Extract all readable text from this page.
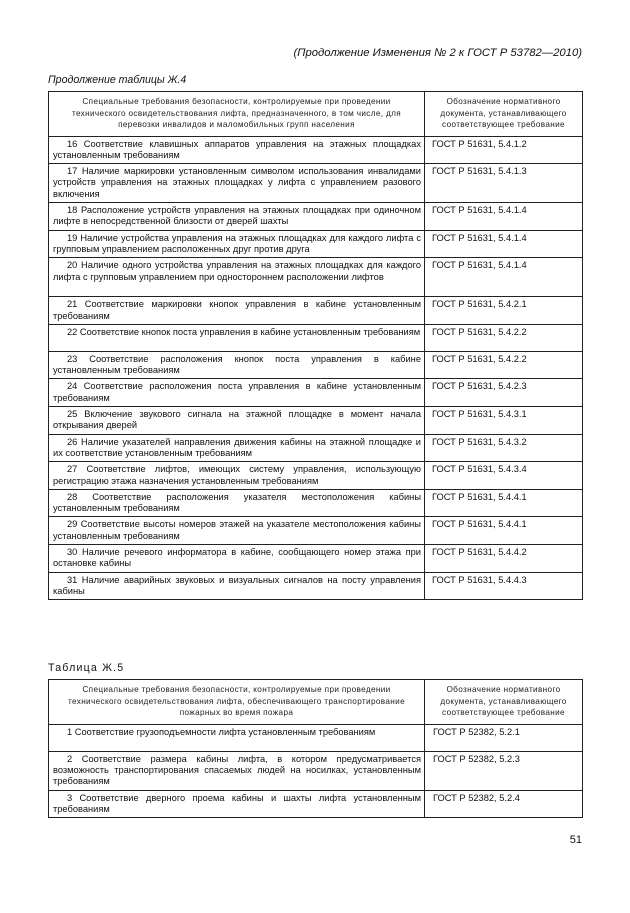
(Продолжение Изменения № 2 к ГОСТ Р 53782—2010)

Продолжение таблицы Ж.4

Специальные требования безопасности, контролируемые при проведении технического освидетельствования лифта, предназначенного, в том числе, для перевозки инвалидов и маломобильных групп населения	Обозначение нормативного документа, устанавливающего соответствующее требование
16 Соответствие клавишных аппаратов управления на этажных площадках установленным требованиям	ГОСТ Р 51631, 5.4.1.2
17 Наличие маркировки установленным символом использования инвалидами устройств управления на этажных площадках у лифта с управлением разового включения	ГОСТ Р 51631, 5.4.1.3
18 Расположение устройств управления на этажных площадках при одиночном лифте в непосредственной близости от дверей шахты	ГОСТ Р 51631, 5.4.1.4
19 Наличие устройства управления на этажных площадках для каждого лифта с групповым управлением расположенных друг против друга	ГОСТ Р 51631, 5.4.1.4
20 Наличие одного устройства управления на этажных площадках для каждого лифта с групповым управлением при одностороннем расположении лифтов	ГОСТ Р 51631, 5.4.1.4
21 Соответствие маркировки кнопок управления в кабине установленным требованиям	ГОСТ Р 51631, 5.4.2.1
22 Соответствие кнопок поста управления в кабине установленным требованиям	ГОСТ Р 51631, 5.4.2.2
23 Соответствие расположения кнопок поста управления в кабине установленным требованиям	ГОСТ Р 51631, 5.4.2.2
24 Соответствие расположения поста управления в кабине установленным требованиям	ГОСТ Р 51631, 5.4.2.3
25 Включение звукового сигнала на этажной площадке в момент начала открывания дверей	ГОСТ Р 51631, 5.4.3.1
26 Наличие указателей направления движения кабины на этажной площадке и их соответствие установленным требованиям	ГОСТ Р 51631, 5.4.3.2
27 Соответствие лифтов, имеющих систему управления, использующую регистрацию этажа назначения установленным требованиям	ГОСТ Р 51631, 5.4.3.4
28 Соответствие расположения указателя местоположения кабины установленным требованиям	ГОСТ Р 51631, 5.4.4.1
29 Соответствие высоты номеров этажей на указателе местоположения кабины установленным требованиям	ГОСТ Р 51631, 5.4.4.1
30 Наличие речевого информатора в кабине, сообщающего номер этажа при остановке кабины	ГОСТ Р 51631, 5.4.4.2
31 Наличие аварийных звуковых и визуальных сигналов на посту управления кабины	ГОСТ Р 51631, 5.4.4.3

Таблица Ж.5

Специальные требования безопасности, контролируемые при проведении технического освидетельствования лифта, обеспечивающего транспортирование пожарных во время пожара	Обозначение нормативного документа, устанавливающего соответствующее требование
1 Соответствие грузоподъемности лифта установленным требованиям	ГОСТ Р 52382, 5.2.1
2 Соответствие размера кабины лифта, в котором предусматривается возможность транспортирования спасаемых людей на носилках, установленным требованиям	ГОСТ Р 52382, 5.2.3
3 Соответствие дверного проема кабины и шахты лифта установленным требованиям	ГОСТ Р 52382, 5.2.4
51
